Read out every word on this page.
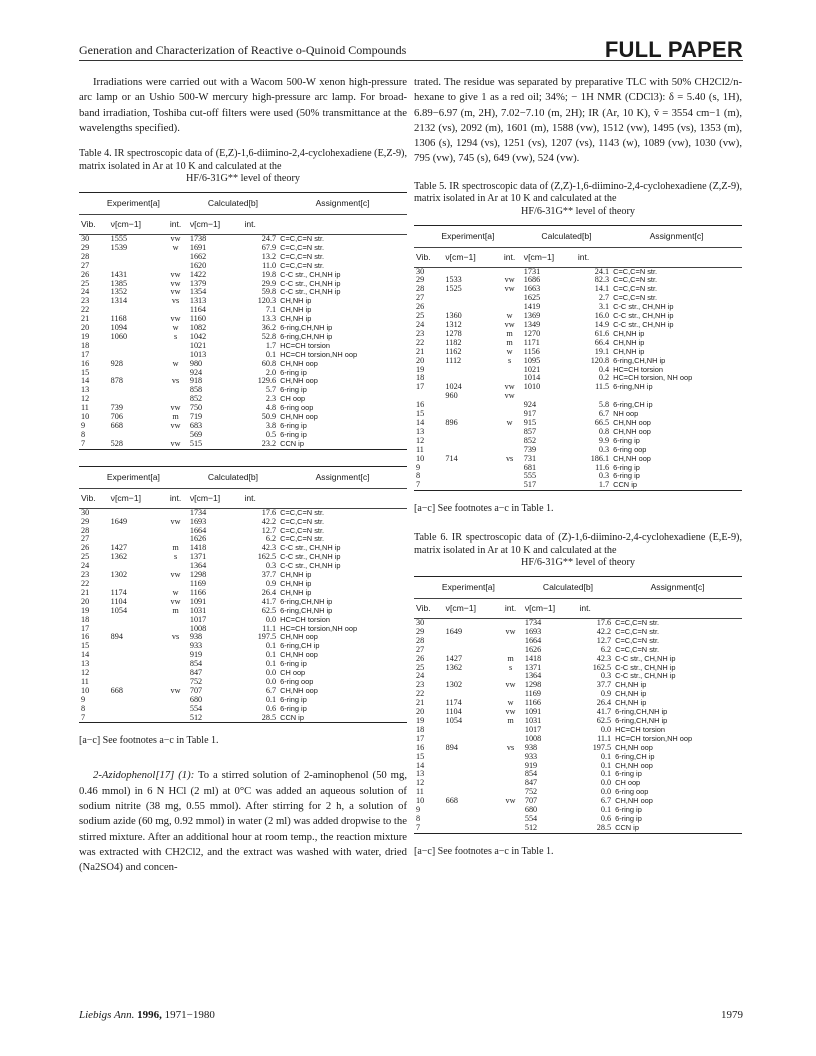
Generation and Characterization of Reactive o-Quinoid Compounds	FULL PAPER

Irradiations were carried out with a Wacom 500-W xenon high-pressure arc lamp or an Ushio 500-W mercury high-pressure arc lamp. For broad-band irradiation, Toshiba cut-off filters were used (50% transmittance at the wavelengths specified).

Table 4. IR spectroscopic data of (E,Z)-1,6-diimino-2,4-cyclohexadiene (E,Z-9), matrix isolated in Ar at 10 K and calculated at the
HF/6-31G** level of theory

Experiment[a]			Calculated[b]		Assignment[c]
Vib.	ν[cm−1]	int.	ν[cm−1]	int.	
30	1555	vw	1738	24.7	C=C,C=N str.
29	1539	w	1691	67.9	C=C,C=N str.
28			1662	13.2	C=C,C=N str.
27			1620	11.0	C=C,C=N str.
26	1431	vw	1422	19.8	C-C str., CH,NH ip
25	1385	vw	1379	29.9	C-C str., CH,NH ip
24	1352	vw	1354	59.8	C-C str., CH,NH ip
23	1314	vs	1313	120.3	CH,NH ip
22			1164	7.1	CH,NH ip
21	1168	vw	1160	13.3	CH,NH ip
20	1094	w	1082	36.2	6-ring,CH,NH ip
19	1060	s	1042	52.8	6-ring,CH,NH ip
18			1021	1.7	HC=CH torsion
17			1013	0.1	HC=CH torsion,NH oop
16	928	w	980	60.8	CH,NH oop
15			924	2.0	6-ring ip
14	878	vs	918	129.6	CH,NH oop
13			858	5.7	6-ring ip
12			852	2.3	CH oop
11	739	vw	750	4.8	6-ring oop
10	706	m	719	50.9	CH,NH oop
9	668	vw	683	3.8	6-ring ip
8			569	0.5	6-ring ip
7	528	vw	515	23.2	CCN ip

Experiment[a]			Calculated[b]		Assignment[c]
Vib.	ν[cm−1]	int.	ν[cm−1]	int.	
30			1734	17.6	C=C,C=N str.
29	1649	vw	1693	42.2	C=C,C=N str.
28			1664	12.7	C=C,C=N str.
27			1626	6.2	C=C,C=N str.
26	1427	m	1418	42.3	C-C str., CH,NH ip
25	1362	s	1371	162.5	C-C str., CH,NH ip
24			1364	0.3	C-C str., CH,NH ip
23	1302	vw	1298	37.7	CH,NH ip
22			1169	0.9	CH,NH ip
21	1174	w	1166	26.4	CH,NH ip
20	1104	vw	1091	41.7	6-ring,CH,NH ip
19	1054	m	1031	62.5	6-ring,CH,NH ip
18			1017	0.0	HC=CH torsion
17			1008	11.1	HC=CH torsion,NH oop
16	894	vs	938	197.5	CH,NH oop
15			933	0.1	6-ring,CH ip
14			919	0.1	CH,NH oop
13			854	0.1	6-ring ip
12			847	0.0	CH oop
11			752	0.0	6-ring oop
10	668	vw	707	6.7	CH,NH oop
9			680	0.1	6-ring ip
8			554	0.6	6-ring ip
7			512	28.5	CCN ip

[a−c] See footnotes a−c in Table 1.

2-Azidophenol[17] (1): To a stirred solution of 2-aminophenol (50 mg, 0.46 mmol) in 6 N HCl (2 ml) at 0°C was added an aqueous solution of sodium nitrite (38 mg, 0.55 mmol). After stirring for 2 h, a solution of sodium azide (60 mg, 0.92 mmol) in water (2 ml) was added dropwise to the stirred mixture. After an additional hour at room temp., the reaction mixture was extracted with CH2Cl2, and the extract was washed with water, dried (Na2SO4) and concen-

trated. The residue was separated by preparative TLC with 50% CH2Cl2/n-hexane to give 1 as a red oil; 34%; − 1H NMR (CDCl3): δ = 5.40 (s, 1H), 6.89−6.97 (m, 2H), 7.02−7.10 (m, 2H); IR (Ar, 10 K), ṽ = 3554 cm−1 (m), 2132 (vs), 2092 (m), 1601 (m), 1588 (vw), 1512 (vw), 1495 (vs), 1353 (m), 1306 (s), 1294 (vs), 1251 (vs), 1207 (vs), 1143 (w), 1089 (vw), 1030 (vw), 795 (vw), 745 (s), 649 (vw), 524 (vw).

Table 5. IR spectroscopic data of (Z,Z)-1,6-diimino-2,4-cyclohexadiene (Z,Z-9), matrix isolated in Ar at 10 K and calculated at the
HF/6-31G** level of theory

Experiment[a]			Calculated[b]		Assignment[c]
Vib.	ν[cm−1]	int.	ν[cm−1]	int.	
30			1731	24.1	C=C,C=N str.
29	1533	vw	1686	82.3	C=C,C=N str.
28	1525	vw	1663	14.1	C=C,C=N str.
27			1625	2.7	C=C,C=N str.
26			1419	3.1	C-C str., CH,NH ip
25	1360	w	1369	16.0	C-C str., CH,NH ip
24	1312	vw	1349	14.9	C-C str., CH,NH ip
23	1278	m	1270	61.6	CH,NH ip
22	1182	m	1171	66.4	CH,NH ip
21	1162	w	1156	19.1	CH,NH ip
20	1112	s	1095	120.8	6-ring,CH,NH ip
19			1021	0.4	HC=CH torsion
18			1014	0.2	HC=CH torsion, NH oop
17	1024	vw	1010	11.5	6-ring,NH ip
	960	vw			
16			924	5.8	6-ring,CH ip
15			917	6.7	NH oop
14	896	w	915	66.5	CH,NH oop
13			857	0.8	CH,NH oop
12			852	9.9	6-ring ip
11			739	0.3	6-ring oop
10	714	vs	731	186.1	CH,NH oop
9			681	11.6	6-ring ip
8			555	0.3	6-ring ip
7			517	1.7	CCN ip

[a−c] See footnotes a−c in Table 1.

Table 6. IR spectroscopic data of (Z)-1,6-diimino-2,4-cyclohexadiene (E,E-9), matrix isolated in Ar at 10 K and calculated at the
HF/6-31G** level of theory

Experiment[a]			Calculated[b]		Assignment[c]
Vib.	ν[cm−1]	int.	ν[cm−1]	int.	
30			1734	17.6	C=C,C=N str.
29	1649	vw	1693	42.2	C=C,C=N str.
28			1664	12.7	C=C,C=N str.
27			1626	6.2	C=C,C=N str.
26	1427	m	1418	42.3	C-C str., CH,NH ip
25	1362	s	1371	162.5	C-C str., CH,NH ip
24			1364	0.3	C-C str., CH,NH ip
23	1302	vw	1298	37.7	CH,NH ip
22			1169	0.9	CH,NH ip
21	1174	w	1166	26.4	CH,NH ip
20	1104	vw	1091	41.7	6-ring,CH,NH ip
19	1054	m	1031	62.5	6-ring,CH,NH ip
18			1017	0.0	HC=CH torsion
17			1008	11.1	HC=CH torsion,NH oop
16	894	vs	938	197.5	CH,NH oop
15			933	0.1	6-ring,CH ip
14			919	0.1	CH,NH oop
13			854	0.1	6-ring ip
12			847	0.0	CH oop
11			752	0.0	6-ring oop
10	668	vw	707	6.7	CH,NH oop
9			680	0.1	6-ring ip
8			554	0.6	6-ring ip
7			512	28.5	CCN ip

[a−c] See footnotes a−c in Table 1.

Liebigs Ann. 1996, 1971−1980	1979
